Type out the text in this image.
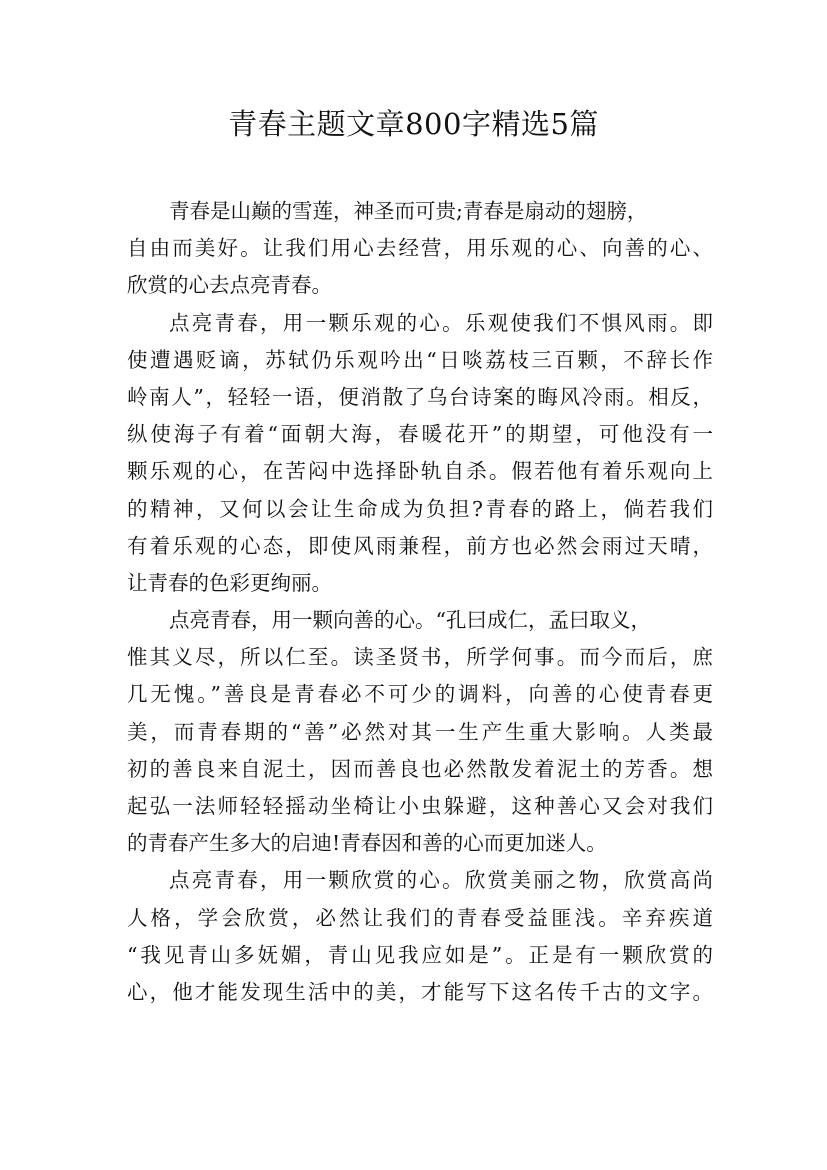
青春主题文章800字精选5篇
青春是山巅的雪莲，神圣而可贵;青春是扇动的翅膀，
自由而美好。让我们用心去经营，用乐观的心、向善的心、
欣赏的心去点亮青春。
点亮青春，用一颗乐观的心。乐观使我们不惧风雨。即
使遭遇贬谪，苏轼仍乐观吟出“日啖荔枝三百颗，不辞长作
岭南人”，轻轻一语，便消散了乌台诗案的晦风冷雨。相反，
纵使海子有着“面朝大海，春暖花开”的期望，可他没有一
颗乐观的心，在苦闷中选择卧轨自杀。假若他有着乐观向上
的精神，又何以会让生命成为负担?青春的路上，倘若我们
有着乐观的心态，即使风雨兼程，前方也必然会雨过天晴，
让青春的色彩更绚丽。
点亮青春，用一颗向善的心。“孔曰成仁，孟曰取义，
惟其义尽，所以仁至。读圣贤书，所学何事。而今而后，庶
几无愧。”善良是青春必不可少的调料，向善的心使青春更
美，而青春期的“善”必然对其一生产生重大影响。人类最
初的善良来自泥土，因而善良也必然散发着泥土的芳香。想
起弘一法师轻轻摇动坐椅让小虫躲避，这种善心又会对我们
的青春产生多大的启迪!青春因和善的心而更加迷人。
点亮青春，用一颗欣赏的心。欣赏美丽之物，欣赏高尚
人格，学会欣赏，必然让我们的青春受益匪浅。辛弃疾道
“我见青山多妩媚，青山见我应如是”。正是有一颗欣赏的
心，他才能发现生活中的美，才能写下这名传千古的文字。
